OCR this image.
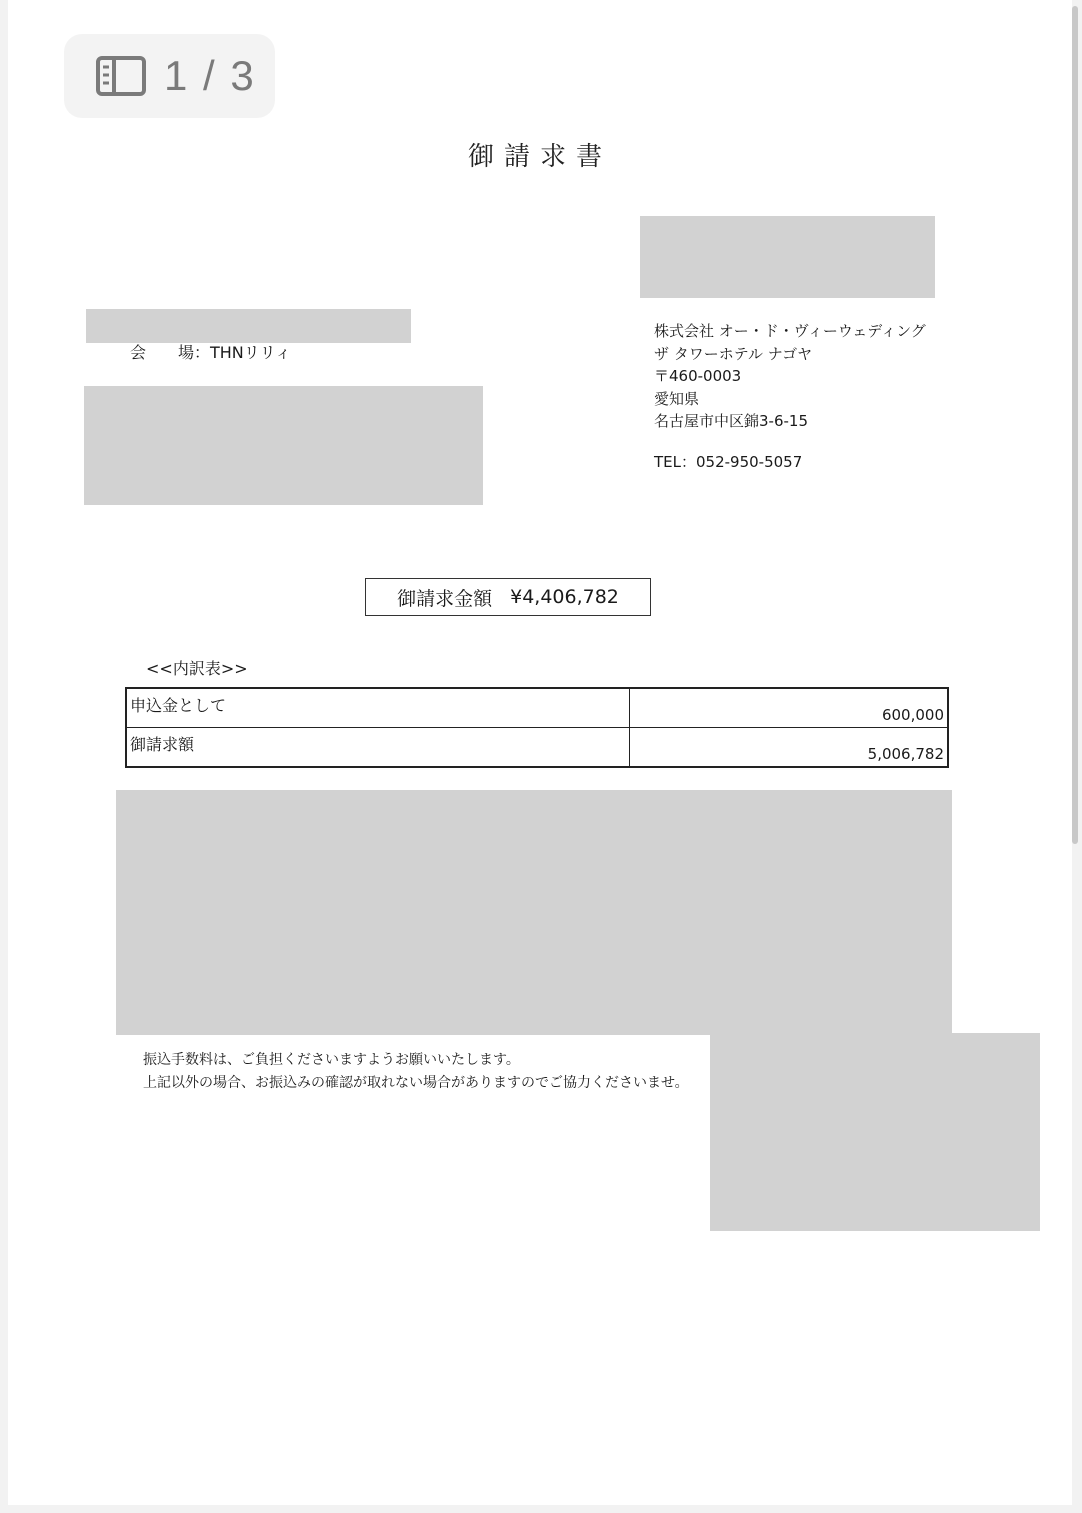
1 / 3
御請求書
会　　場：THNリリィ
株式会社 オー・ド・ヴィーウェディング
ザ タワーホテル ナゴヤ
〒460-0003
愛知県
名古屋市中区錦3-6-15
TEL：052-950-5057
御請求金額 ¥4,406,782
<<内訳表>>
申込金として	600,000
御請求額	5,006,782
振込手数料は、ご負担くださいますようお願いいたします。
上記以外の場合、お振込みの確認が取れない場合がありますのでご協力くださいませ。
